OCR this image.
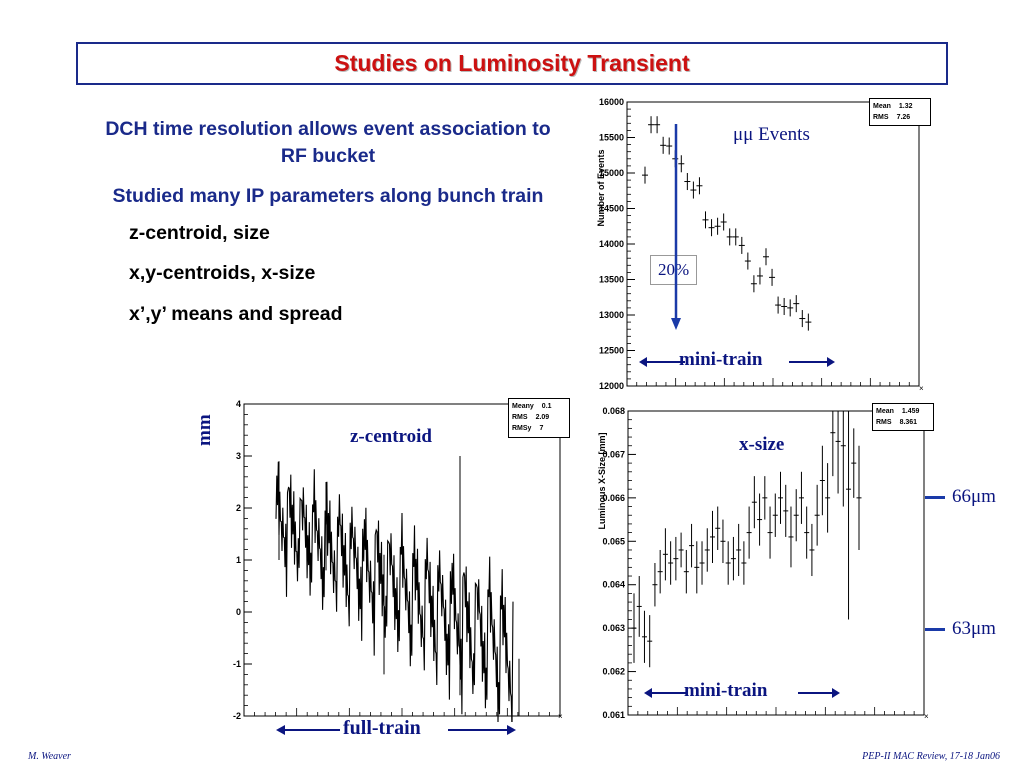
Studies on Luminosity Transient
DCH time resolution allows event association to RF bucket
Studied many IP parameters along bunch train
z-centroid, size
x,y-centroids, x-size
x’,y’ means and spread
Number of Events
12000
12500
13000
13500
14000
14500
15000
15500
16000
×
Mean 1.32
RMS 7.26
μμ Events
20%
mini-train
-2
-1
0
1
2
3
4
×
Meany 0.1
RMS 2.09
RMSy 7
z-centroid
mm
full-train
Luminous X-Size [mm]
0.061
0.062
0.063
0.064
0.065
0.066
0.067
0.068
×
Mean 1.459
RMS 8.361
x-size
mini-train
66μm
63μm
M. Weaver	PEP-II MAC Review, 17-18 Jan06
